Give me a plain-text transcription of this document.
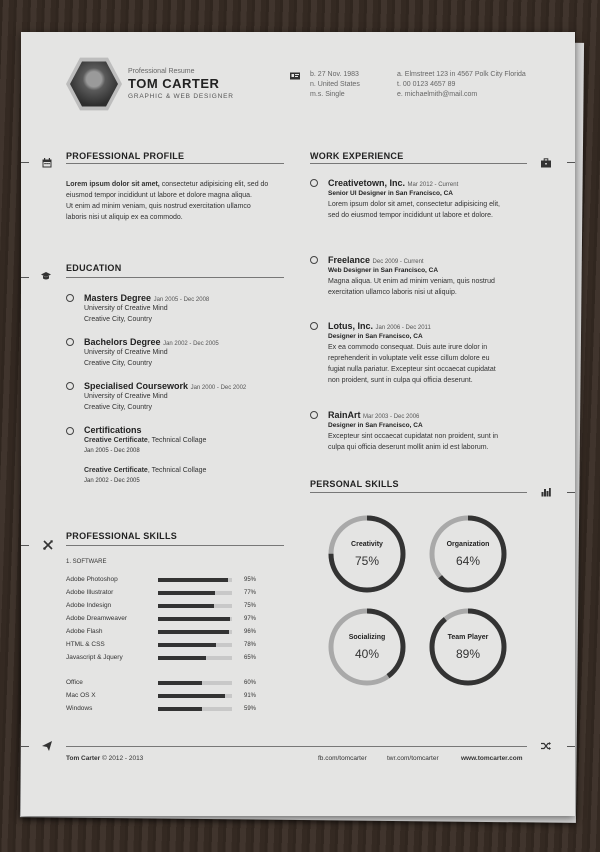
Professional Resume
TOM CARTER
GRAPHIC & WEB DESIGNER
b. 27 Nov. 1983
n. United States
m.s. Single
a. Elmstreet 123 in 4567 Polk City Florida
t. 00 0123 4657 89
e. michaelmith@mail.com
PROFESSIONAL PROFILE
Lorem ipsum dolor sit amet, consectetur adipisicing elit, sed do
eiusmod tempor incididunt ut labore et dolore magna aliqua.
Ut enim ad minim veniam, quis nostrud exercitation ullamco
laboris nisi ut aliquip ex ea commodo.
EDUCATION
Masters Degree Jan 2005 - Dec 2008
University of Creative Mind
Creative City, Country
Bachelors Degree Jan 2002 - Dec 2005
University of Creative Mind
Creative City, Country
Specialised Coursework Jan 2000 - Dec 2002
University of Creative Mind
Creative City, Country
Certifications
Creative Certificate, Technical Collage
Jan 2005 - Dec 2008
Creative Certificate, Technical Collage
Jan 2002 - Dec 2005
PROFESSIONAL SKILLS
1. SOFTWARE
Adobe Photoshop	95%
Adobe Illustrator	77%
Adobe Indesign	75%
Adobe Dreamweaver	97%
Adobe Flash	96%
HTML & CSS	78%
Javascript & Jquery	65%
Office	60%
Mac OS X	91%
Windows	59%
WORK EXPERIENCE
Creativetown, Inc. Mar 2012 - Current
Senior UI Designer in San Francisco, CA
Lorem ipsum dolor sit amet, consectetur adipisicing elit,
sed do eiusmod tempor incididunt ut labore et dolore.
Freelance Dec 2009 - Current
Web Designer in San Francisco, CA
Magna aliqua. Ut enim ad minim veniam, quis nostrud
exercitation ullamco laboris nisi ut aliquip.
Lotus, Inc. Jan 2006 - Dec 2011
Designer in San Francisco, CA
Ex ea commodo consequat. Duis aute irure dolor in
reprehenderit in voluptate velit esse cillum dolore eu
fugiat nulla pariatur. Excepteur sint occaecat cupidatat
non proident, sunt in culpa qui officia deserunt.
RainArt Mar 2003 - Dec 2006
Designer in San Francisco, CA
Excepteur sint occaecat cupidatat non proident, sunt in
culpa qui officia deserunt mollit anim id est laborum.
PERSONAL SKILLS
Creativity
75%
Organization
64%
Socializing
40%
Team Player
89%
Tom Carter © 2012 - 2013	fb.com/tomcarter	twr.com/tomcarter	www.tomcarter.com
